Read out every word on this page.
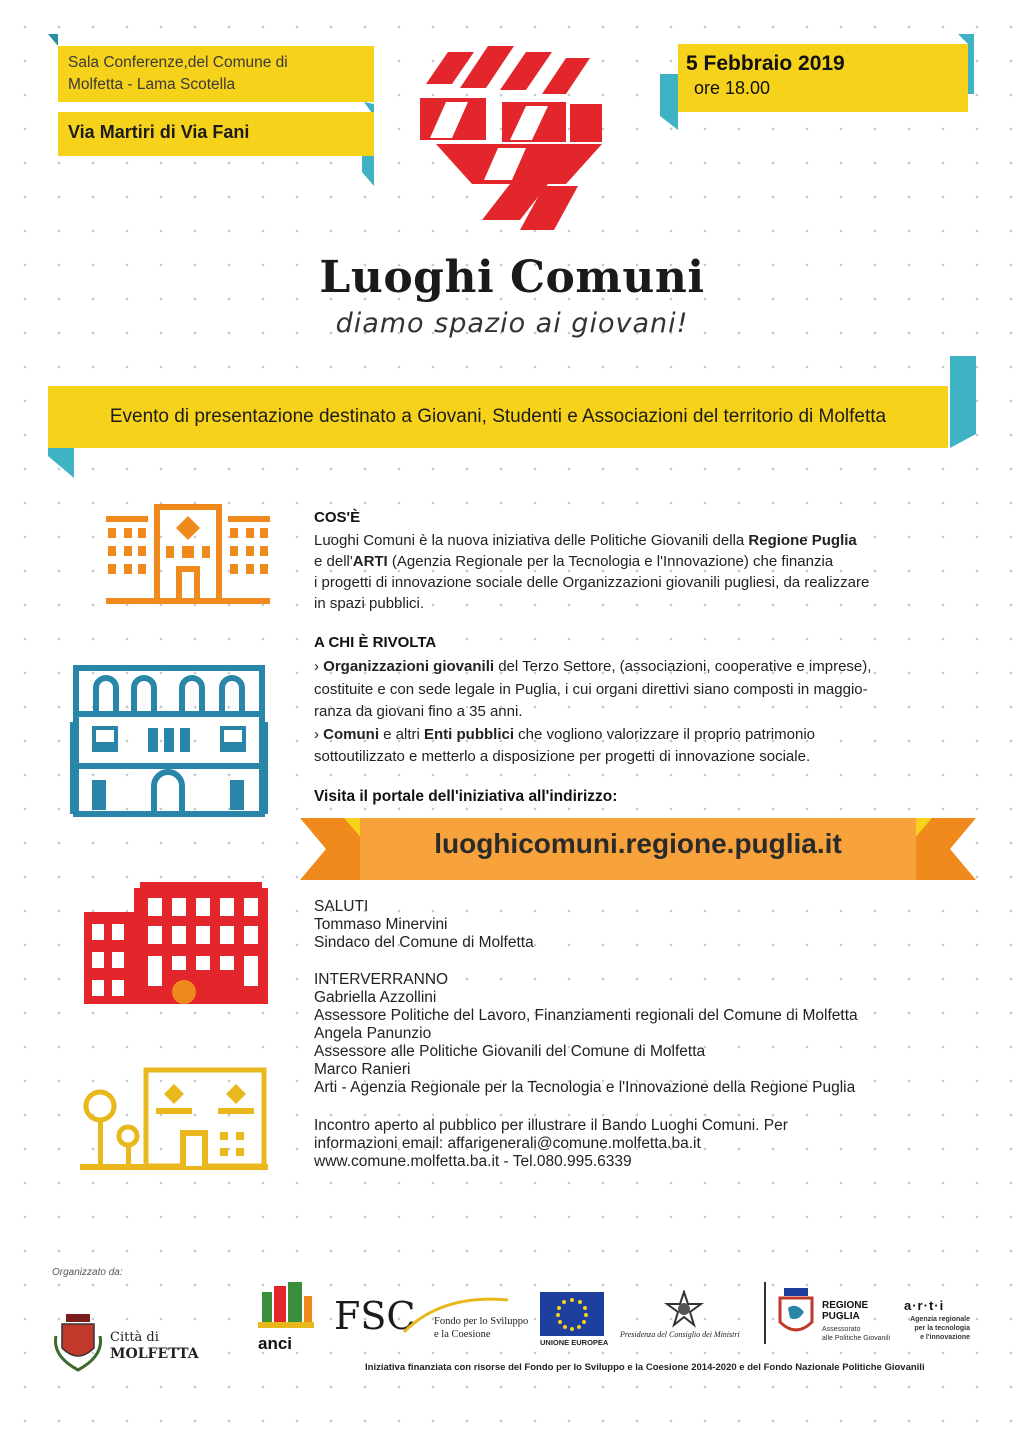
Sala Conferenze,del Comune di
Molfetta - Lama Scotella
Via Martiri di Via Fani
5 Febbraio 2019
ore 18.00
Luoghi Comuni
diamo spazio ai giovani!
Evento di presentazione destinato a Giovani, Studenti e Associazioni del territorio di Molfetta
COS'È
Luoghi Comuni è la nuova iniziativa delle Politiche Giovanili della Regione Puglia
e dell'ARTI (Agenzia Regionale per la Tecnologia e l'Innovazione) che finanzia
i progetti di innovazione sociale delle Organizzazioni giovanili pugliesi, da realizzare
in spazi pubblici.
A CHI È RIVOLTA
› Organizzazioni giovanili del Terzo Settore, (associazioni, cooperative e imprese),
costituite e con sede legale in Puglia, i cui organi direttivi siano composti in maggio-
ranza da giovani fino a 35 anni.
› Comuni e altri Enti pubblici che vogliono valorizzare il proprio patrimonio
sottoutilizzato e metterlo a disposizione per progetti di innovazione sociale.
Visita il portale dell'iniziativa all'indirizzo:
luoghicomuni.regione.puglia.it
SALUTI
Tommaso Minervini
Sindaco del Comune di Molfetta
INTERVERRANNO
Gabriella Azzollini
Assessore Politiche del Lavoro, Finanziamenti regionali del Comune di Molfetta
Angela Panunzio
Assessore alle Politiche Giovanili del Comune di Molfetta
Marco Ranieri
Arti - Agenzia Regionale per la Tecnologia e l'Innovazione della Regione Puglia
Incontro aperto al pubblico per illustrare il Bando Luoghi Comuni. Per
informazioni email: affarigenerali@comune.molfetta.ba.it
www.comune.molfetta.ba.it - Tel.080.995.6339
Organizzato da:
Città di
MOLFETTA
anci
FSC Fondo per lo Sviluppo
e la Coesione
UNIONE EUROPEA
Presidenza del Consiglio dei Ministri
REGIONE
PUGLIA
Assessorato
alle Politiche Giovanili
a·r·t·i
Agenzia regionale
per la tecnologia
e l'innovazione
Iniziativa finanziata con risorse del Fondo per lo Sviluppo e la Coesione 2014-2020 e del Fondo Nazionale Politiche Giovanili
